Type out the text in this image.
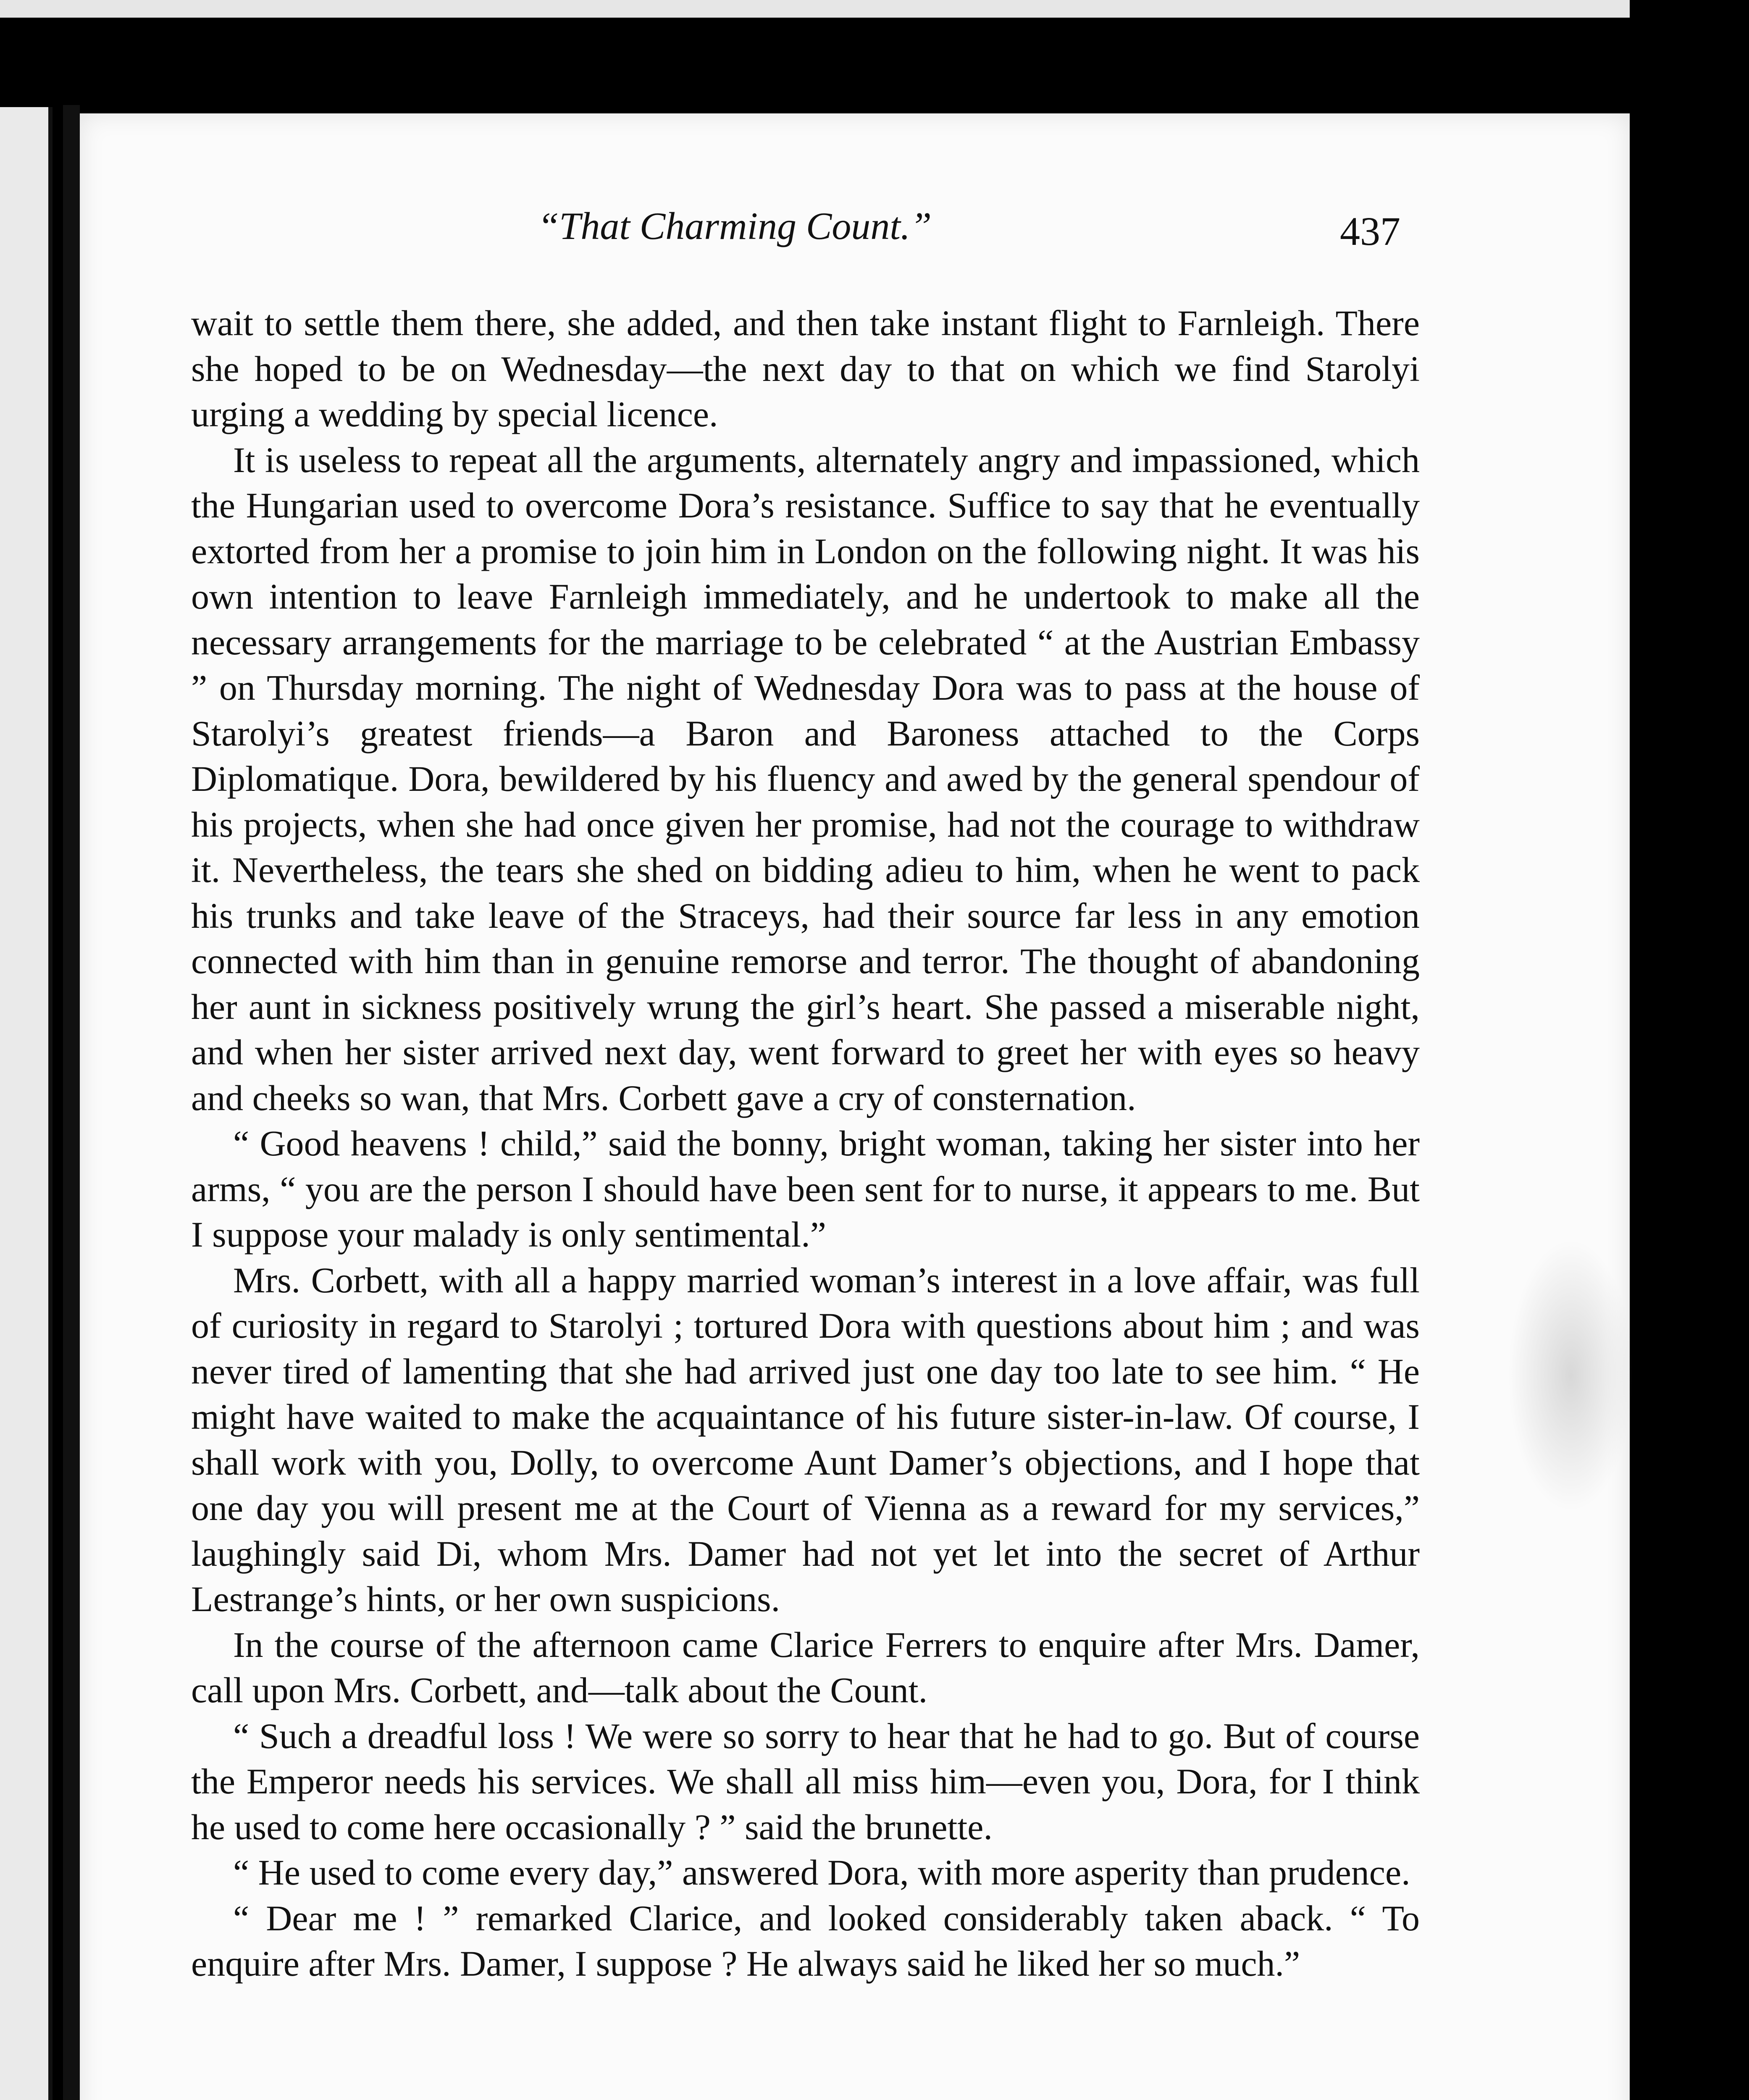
“That Charming Count.”	437

wait to settle them there, she added, and then take instant flight to Farnleigh. There she hoped to be on Wednesday—the next day to that on which we find Starolyi urging a wedding by special licence.

It is useless to repeat all the arguments, alternately angry and impassioned, which the Hungarian used to overcome Dora’s resistance. Suffice to say that he eventually extorted from her a promise to join him in London on the following night. It was his own intention to leave Farnleigh immediately, and he undertook to make all the necessary arrangements for the marriage to be celebrated “ at the Austrian Embassy ” on Thursday morning. The night of Wednesday Dora was to pass at the house of Starolyi’s greatest friends—a Baron and Baroness attached to the Corps Diplomatique. Dora, bewildered by his fluency and awed by the general spendour of his projects, when she had once given her promise, had not the courage to withdraw it. Nevertheless, the tears she shed on bidding adieu to him, when he went to pack his trunks and take leave of the Straceys, had their source far less in any emotion connected with him than in genuine remorse and terror. The thought of abandoning her aunt in sickness positively wrung the girl’s heart. She passed a miserable night, and when her sister arrived next day, went forward to greet her with eyes so heavy and cheeks so wan, that Mrs. Corbett gave a cry of consternation.

“ Good heavens ! child,” said the bonny, bright woman, taking her sister into her arms, “ you are the person I should have been sent for to nurse, it appears to me. But I suppose your malady is only sentimental.”

Mrs. Corbett, with all a happy married woman’s interest in a love affair, was full of curiosity in regard to Starolyi ; tortured Dora with questions about him ; and was never tired of lamenting that she had arrived just one day too late to see him. “ He might have waited to make the acquaintance of his future sister-in-law. Of course, I shall work with you, Dolly, to overcome Aunt Damer’s objections, and I hope that one day you will present me at the Court of Vienna as a reward for my services,” laughingly said Di, whom Mrs. Damer had not yet let into the secret of Arthur Lestrange’s hints, or her own suspicions.

In the course of the afternoon came Clarice Ferrers to enquire after Mrs. Damer, call upon Mrs. Corbett, and—talk about the Count.

“ Such a dreadful loss ! We were so sorry to hear that he had to go. But of course the Emperor needs his services. We shall all miss him—even you, Dora, for I think he used to come here occasionally ? ” said the brunette.

“ He used to come every day,” answered Dora, with more asperity than prudence.

“ Dear me ! ” remarked Clarice, and looked considerably taken aback. “ To enquire after Mrs. Damer, I suppose ? He always said he liked her so much.”
